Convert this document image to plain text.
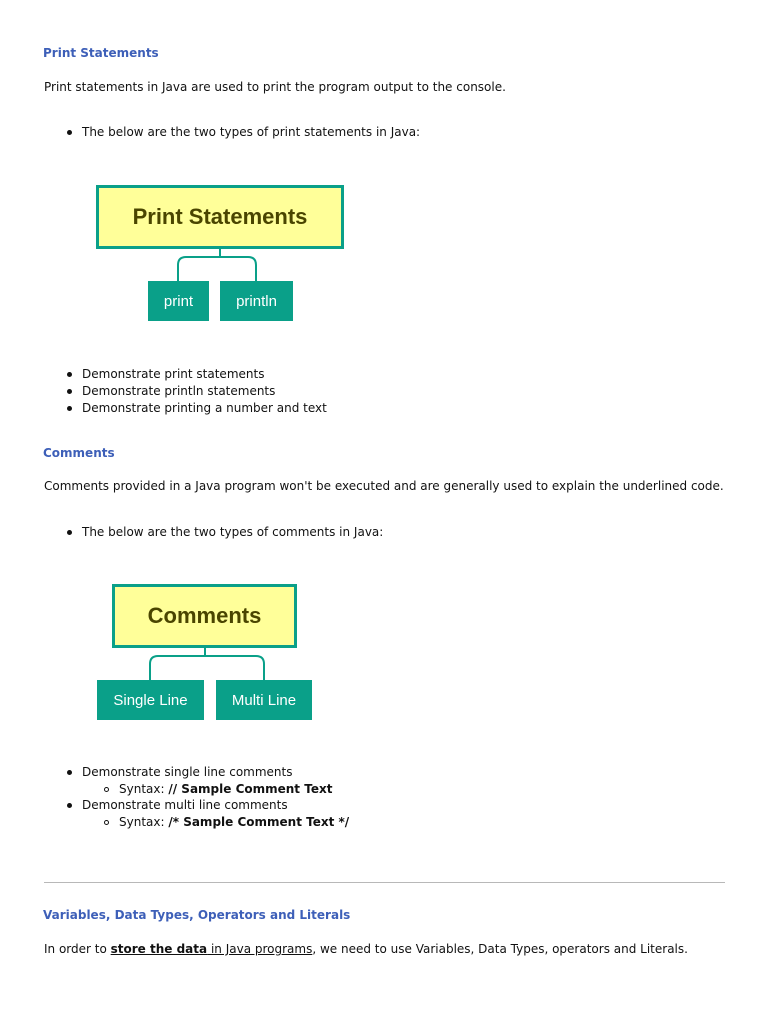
Print Statements
Print statements in Java are used to print the program output to the console.
The below are the two types of print statements in Java:
Print Statements
print	println
Demonstrate print statements
Demonstrate println statements
Demonstrate printing a number and text
Comments
Comments provided in a Java program won't be executed and are generally used to explain the underlined code.
The below are the two types of comments in Java:
Comments
Single Line	Multi Line
Demonstrate single line comments
Syntax: // Sample Comment Text
Demonstrate multi line comments
Syntax: /* Sample Comment Text */
Variables, Data Types, Operators and Literals
In order to store the data in Java programs, we need to use Variables, Data Types, operators and Literals.
